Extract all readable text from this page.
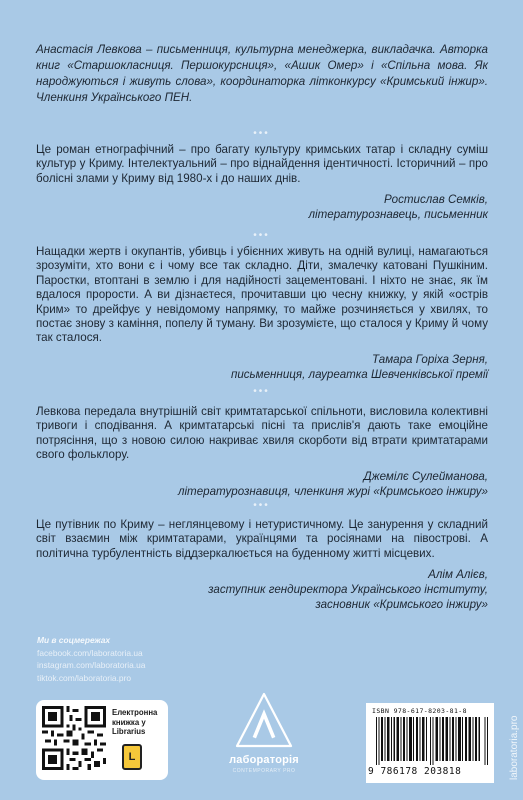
Анастасія Левкова – письменниця, культурна менеджерка, викладачка. Авторка книг «Старшокласниця. Першокурсниця», «Ашик Омер» і «Спільна мова. Як народжуються і живуть слова», координаторка літконкурсу «Кримський інжир». Членкиня Українського ПЕН.
•••
Це роман етнографічний – про багату культуру кримських татар і складну суміш культур у Криму. Інтелектуальний – про віднайдення ідентичності. Історичний – про болісні злами у Криму від 1980-х і до наших днів.
Ростислав Семків,
літературознавець, письменник
•••
Нащадки жертв і окупантів, убивць і убієнних живуть на одній вулиці, намагаються зрозуміти, хто вони є і чому все так складно. Діти, змалечку катовані Пушкіним. Паростки, втоптані в землю і для надійності зацементовані. І ніхто не знає, як їм вдалося прорости. А ви дізнаєтеся, прочитавши цю чесну книжку, у якій «острів Крим» то дрейфує у невідомому напрямку, то майже розчиняється у хвилях, то постає знову з каміння, попелу й туману. Ви зрозумієте, що сталося у Криму й чому так сталося.
Тамара Горіха Зерня,
письменниця, лауреатка Шевченківської премії
•••
Левкова передала внутрішній світ кримтатарської спільноти, висловила колективні тривоги і сподівання. А кримтатарські пісні та прислів'я дають таке емоційне потрясіння, що з новою силою накриває хвиля скорботи від втрати кримтатарами свого фольклору.
Джемілє Сулейманова,
літературознавиця, членкиня журі «Кримського інжиру»
•••
Це путівник по Криму – неглянцевому і нетуристичному. Це занурення у складний світ взаємин між кримтатарами, українцями та росіянами на півострові. А політична турбулентність віддзеркалюється на буденному житті місцевих.
Алім Алієв,
заступник гендиректора Українського інституту,
засновник «Кримського інжиру»
Ми в соцмережах
facebook.com/laboratoria.ua
instagram.com/laboratoria.ua
tiktok.com/laboratoria.pro
Електронна книжка у Librarius
L	лабораторія
CONTEMPORARY PRO
ISBN 978-617-8203-81-8
9 786178 203818	laboratoria.pro
